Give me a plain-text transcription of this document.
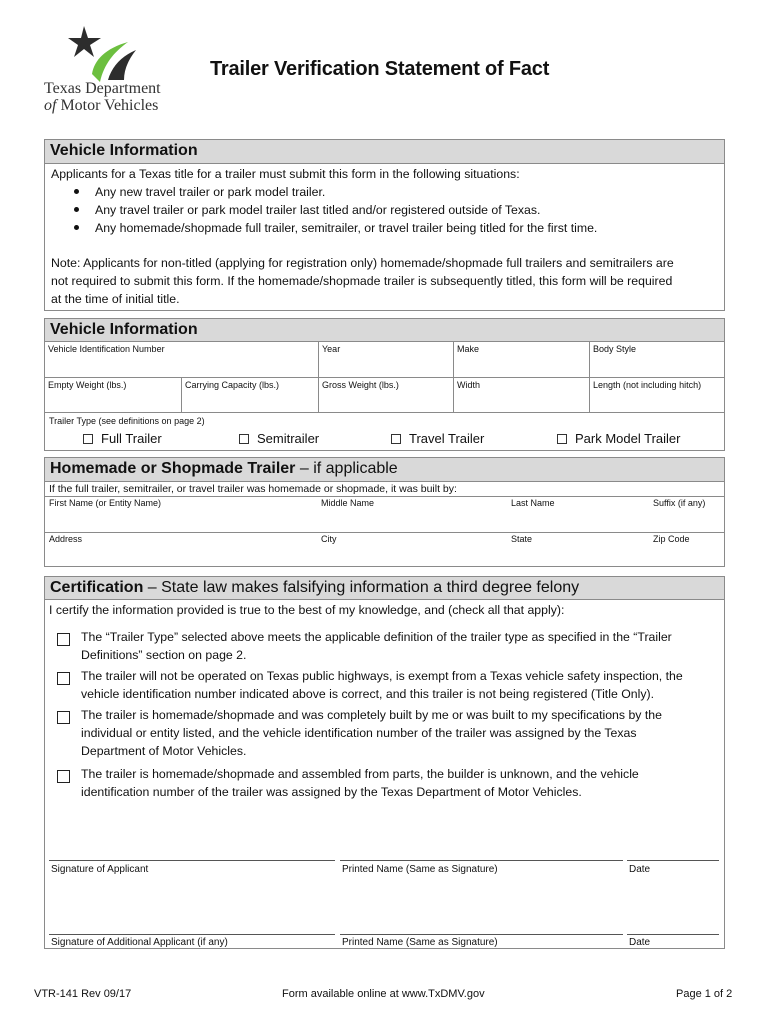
Texas Department
of Motor Vehicles
Trailer Verification Statement of Fact
Vehicle Information
Applicants for a Texas title for a trailer must submit this form in the following situations:
Any new travel trailer or park model trailer.
Any travel trailer or park model trailer last titled and/or registered outside of Texas.
Any homemade/shopmade full trailer, semitrailer, or travel trailer being titled for the first time.
Note: Applicants for non-titled (applying for registration only) homemade/shopmade full trailers and semitrailers are
not required to submit this form. If the homemade/shopmade trailer is subsequently titled, this form will be required
at the time of initial title.
Vehicle Information
Vehicle Identification Number	Year	Make	Body Style
Empty Weight (lbs.)	Carrying Capacity (lbs.)	Gross Weight (lbs.)	Width	Length (not including hitch)
Trailer Type (see definitions on page 2)
Full Trailer	Semitrailer	Travel Trailer	Park Model Trailer
Homemade or Shopmade Trailer – if applicable
If the full trailer, semitrailer, or travel trailer was homemade or shopmade, it was built by:
First Name (or Entity Name)	Middle Name	Last Name	Suffix (if any)
Address	City	State	Zip Code
Certification – State law makes falsifying information a third degree felony
I certify the information provided is true to the best of my knowledge, and (check all that apply):
The “Trailer Type” selected above meets the applicable definition of the trailer type as specified in the “Trailer
Definitions” section on page 2.
The trailer will not be operated on Texas public highways, is exempt from a Texas vehicle safety inspection, the
vehicle identification number indicated above is correct, and this trailer is not being registered (Title Only).
The trailer is homemade/shopmade and was completely built by me or was built to my specifications by the
individual or entity listed, and the vehicle identification number of the trailer was assigned by the Texas
Department of Motor Vehicles.
The trailer is homemade/shopmade and assembled from parts, the builder is unknown, and the vehicle
identification number of the trailer was assigned by the Texas Department of Motor Vehicles.
Signature of Applicant	Printed Name (Same as Signature)	Date
Signature of Additional Applicant (if any)	Printed Name (Same as Signature)	Date
VTR-141 Rev 09/17	Form available online at www.TxDMV.gov	Page 1 of 2
